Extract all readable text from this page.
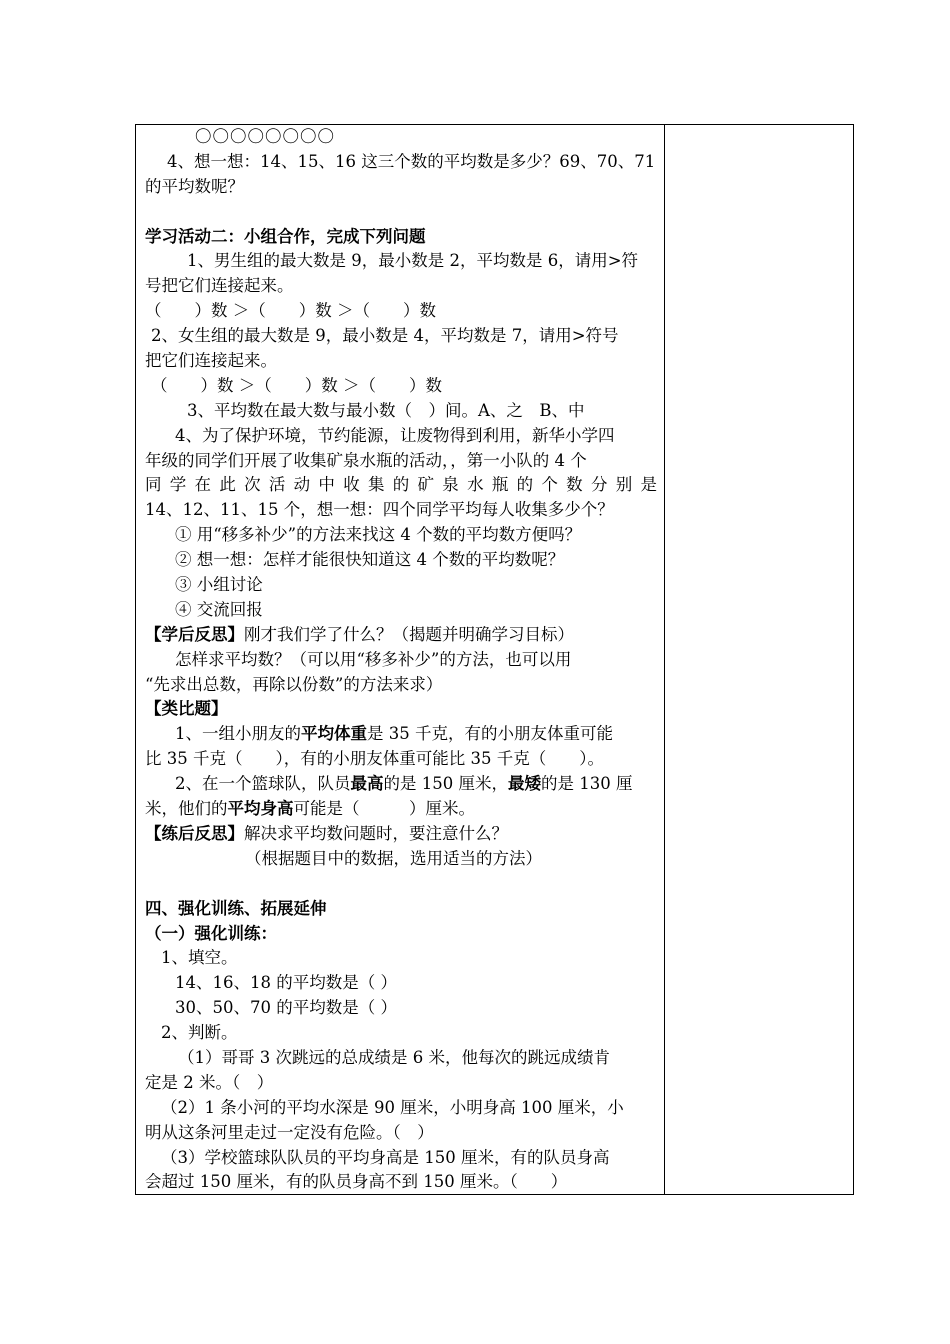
〇〇〇〇〇〇〇〇
4、想一想：14、15、16 这三个数的平均数是多少？69、70、71
的平均数呢？

学习活动二：小组合作，完成下列问题
1、男生组的最大数是 9，最小数是 2，平均数是 6，请用>符
号把它们连接起来。
（　　）数 ＞（　　）数 ＞（　　）数
2、女生组的最大数是 9，最小数是 4，平均数是 7，请用>符号
把它们连接起来。
（　　）数 ＞（　　）数 ＞（　　）数
3、平均数在最大数与最小数（　）间。A、之　B、中
4、为了保护环境，节约能源，让废物得到利用，新华小学四
年级的同学们开展了收集矿泉水瓶的活动，，第一小队的 4 个
同 学 在 此 次 活 动 中 收 集 的 矿 泉 水 瓶 的 个 数 分 别 是
14、12、11、15 个，想一想：四个同学平均每人收集多少个？
① 用“移多补少”的方法来找这 4 个数的平均数方便吗？
② 想一想：怎样才能很快知道这 4 个数的平均数呢？
③ 小组讨论
④ 交流回报
【学后反思】刚才我们学了什么？（揭题并明确学习目标）
怎样求平均数？（可以用“移多补少”的方法，也可以用
“先求出总数，再除以份数”的方法来求）
【类比题】
1、一组小朋友的平均体重是 35 千克，有的小朋友体重可能
比 35 千克（　　），有的小朋友体重可能比 35 千克（　　）。
2、在一个篮球队，队员最高的是 150 厘米，最矮的是 130 厘
米，他们的平均身高可能是（　　　）厘米。
【练后反思】解决求平均数问题时，要注意什么？
（根据题目中的数据，选用适当的方法）

四、强化训练、拓展延伸
（一）强化训练：
1、填空。
14、16、18 的平均数是（ ）
30、50、70 的平均数是（ ）
2、判断。
（1）哥哥 3 次跳远的总成绩是 6 米，他每次的跳远成绩肯
定是 2 米。（　）
（2）1 条小河的平均水深是 90 厘米，小明身高 100 厘米，小
明从这条河里走过一定没有危险。（　）
（3）学校篮球队队员的平均身高是 150 厘米，有的队员身高
会超过 150 厘米，有的队员身高不到 150 厘米。（　　）
